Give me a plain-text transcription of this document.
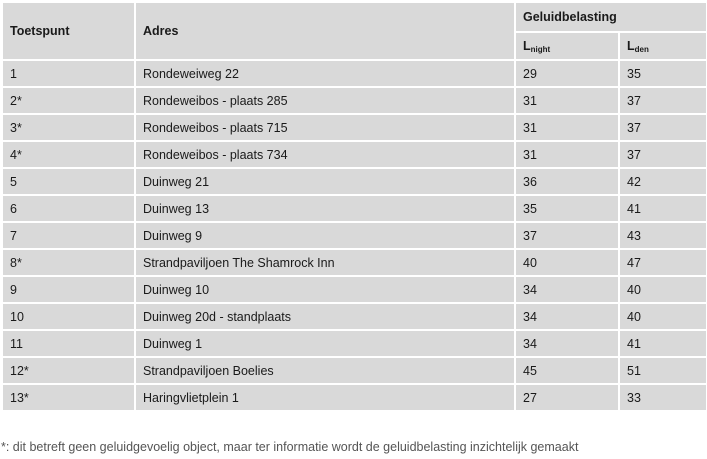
Toetspunt	Adres	Geluidbelasting	
		$L_{night}$	$L_{den}$
1	Rondeweiweg 22	29	35
2*	Rondeweibos - plaats 285	31	37
3*	Rondeweibos - plaats 715	31	37
4*	Rondeweibos - plaats 734	31	37
5	Duinweg 21	36	42
6	Duinweg 13	35	41
7	Duinweg 9	37	43
8*	Strandpaviljoen The Shamrock Inn	40	47
9	Duinweg 10	34	40
10	Duinweg 20d - standplaats	34	40
11	Duinweg 1	34	41
12*	Strandpaviljoen Boelies	45	51
13*	Haringvlietplein 1	27	33
*: dit betreft geen geluidgevoelig object, maar ter informatie wordt de geluidbelasting inzichtelijk gemaakt
